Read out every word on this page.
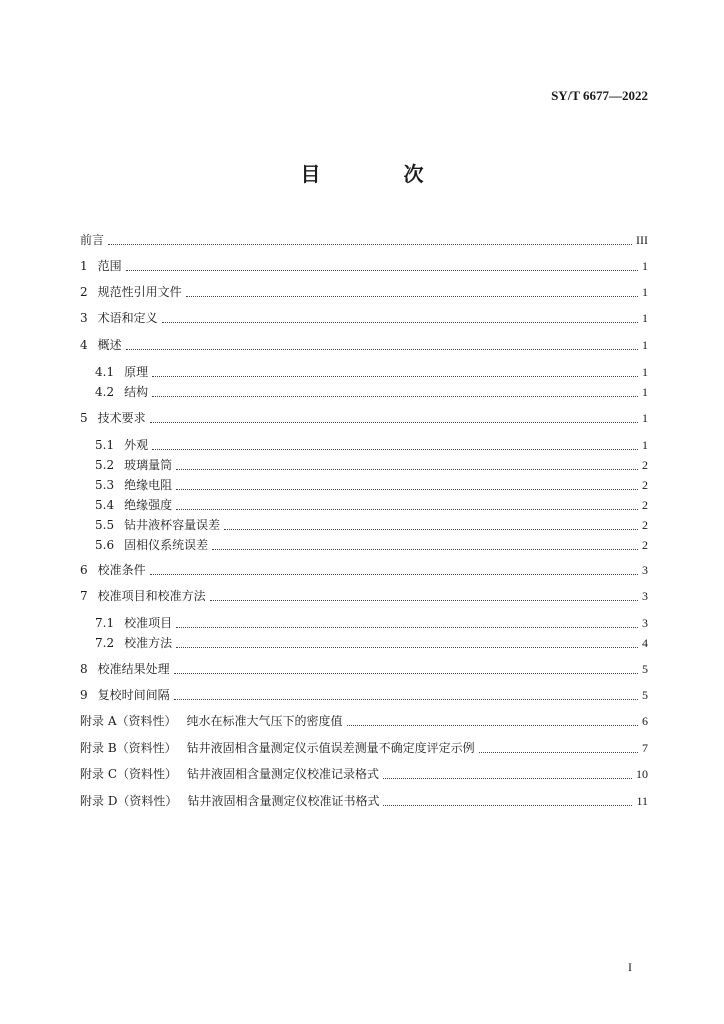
SY/T 6677—2022
目 次
前言	III
1 范围	1
2 规范性引用文件	1
3 术语和定义	1
4 概述	1
4.1 原理	1
4.2 结构	1
5 技术要求	1
5.1 外观	1
5.2 玻璃量筒	2
5.3 绝缘电阻	2
5.4 绝缘强度	2
5.5 钻井液杯容量误差	2
5.6 固相仪系统误差	2
6 校准条件	3
7 校准项目和校准方法	3
7.1 校准项目	3
7.2 校准方法	4
8 校准结果处理	5
9 复校时间间隔	5
附录 A（资料性） 纯水在标准大气压下的密度值	6
附录 B（资料性） 钻井液固相含量测定仪示值误差测量不确定度评定示例	7
附录 C（资料性） 钻井液固相含量测定仪校准记录格式	10
附录 D（资料性） 钻井液固相含量测定仪校准证书格式	11
I
